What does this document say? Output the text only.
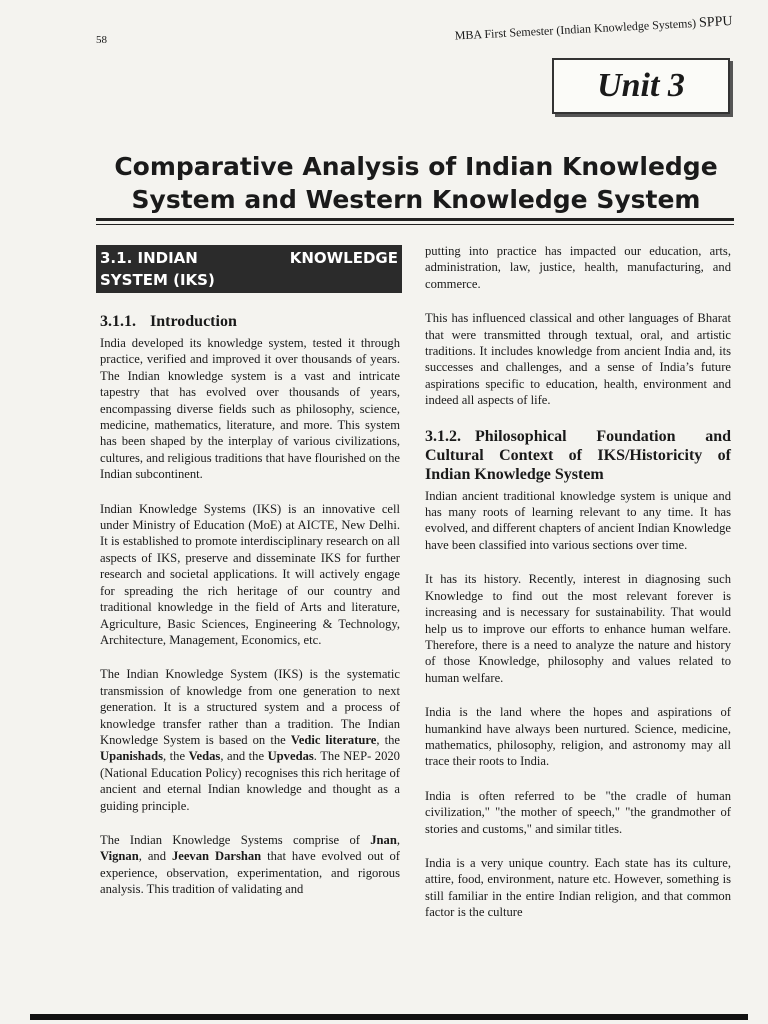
58	MBA First Semester (Indian Knowledge Systems) SPPU
Unit 3
Comparative Analysis of Indian Knowledge
System and Western Knowledge System
3.1. INDIAN	KNOWLEDGE
SYSTEM (IKS)
3.1.1. Introduction

India developed its knowledge system, tested it through practice, verified and improved it over thousands of years. The Indian knowledge system is a vast and intricate tapestry that has evolved over thousands of years, encompassing diverse fields such as philosophy, science, medicine, mathematics, literature, and more. This system has been shaped by the interplay of various civilizations, cultures, and religious traditions that have flourished on the Indian subcontinent.

Indian Knowledge Systems (IKS) is an innovative cell under Ministry of Education (MoE) at AICTE, New Delhi. It is established to promote interdisciplinary research on all aspects of IKS, preserve and disseminate IKS for further research and societal applications. It will actively engage for spreading the rich heritage of our country and traditional knowledge in the field of Arts and literature, Agriculture, Basic Sciences, Engineering & Technology, Architecture, Management, Economics, etc.

The Indian Knowledge System (IKS) is the systematic transmission of knowledge from one generation to next generation. It is a structured system and a process of knowledge transfer rather than a tradition. The Indian Knowledge System is based on the Vedic literature, the Upanishads, the Vedas, and the Upvedas. The NEP- 2020 (National Education Policy) recognises this rich heritage of ancient and eternal Indian knowledge and thought as a guiding principle.

The Indian Knowledge Systems comprise of Jnan, Vignan, and Jeevan Darshan that have evolved out of experience, observation, experimentation, and rigorous analysis. This tradition of validating and

putting into practice has impacted our education, arts, administration, law, justice, health, manufacturing, and commerce.

This has influenced classical and other languages of Bharat that were transmitted through textual, oral, and artistic traditions. It includes knowledge from ancient India and, its successes and challenges, and a sense of India’s future aspirations specific to education, health, environment and indeed all aspects of life.

3.1.2. Philosophical Foundation and Cultural Context of IKS/Historicity of Indian Knowledge System

Indian ancient traditional knowledge system is unique and has many roots of learning relevant to any time. It has evolved, and different chapters of ancient Indian Knowledge have been classified into various sections over time.

It has its history. Recently, interest in diagnosing such Knowledge to find out the most relevant forever is increasing and is necessary for sustainability. That would help us to improve our efforts to enhance human welfare. Therefore, there is a need to analyze the nature and history of those Knowledge, philosophy and values related to human welfare.

India is the land where the hopes and aspirations of humankind have always been nurtured. Science, medicine, mathematics, philosophy, religion, and astronomy may all trace their roots to India.

India is often referred to be "the cradle of human civilization," "the mother of speech," "the grandmother of stories and customs," and similar titles.

India is a very unique country. Each state has its culture, attire, food, environment, nature etc. However, something is still familiar in the entire Indian religion, and that common factor is the culture
